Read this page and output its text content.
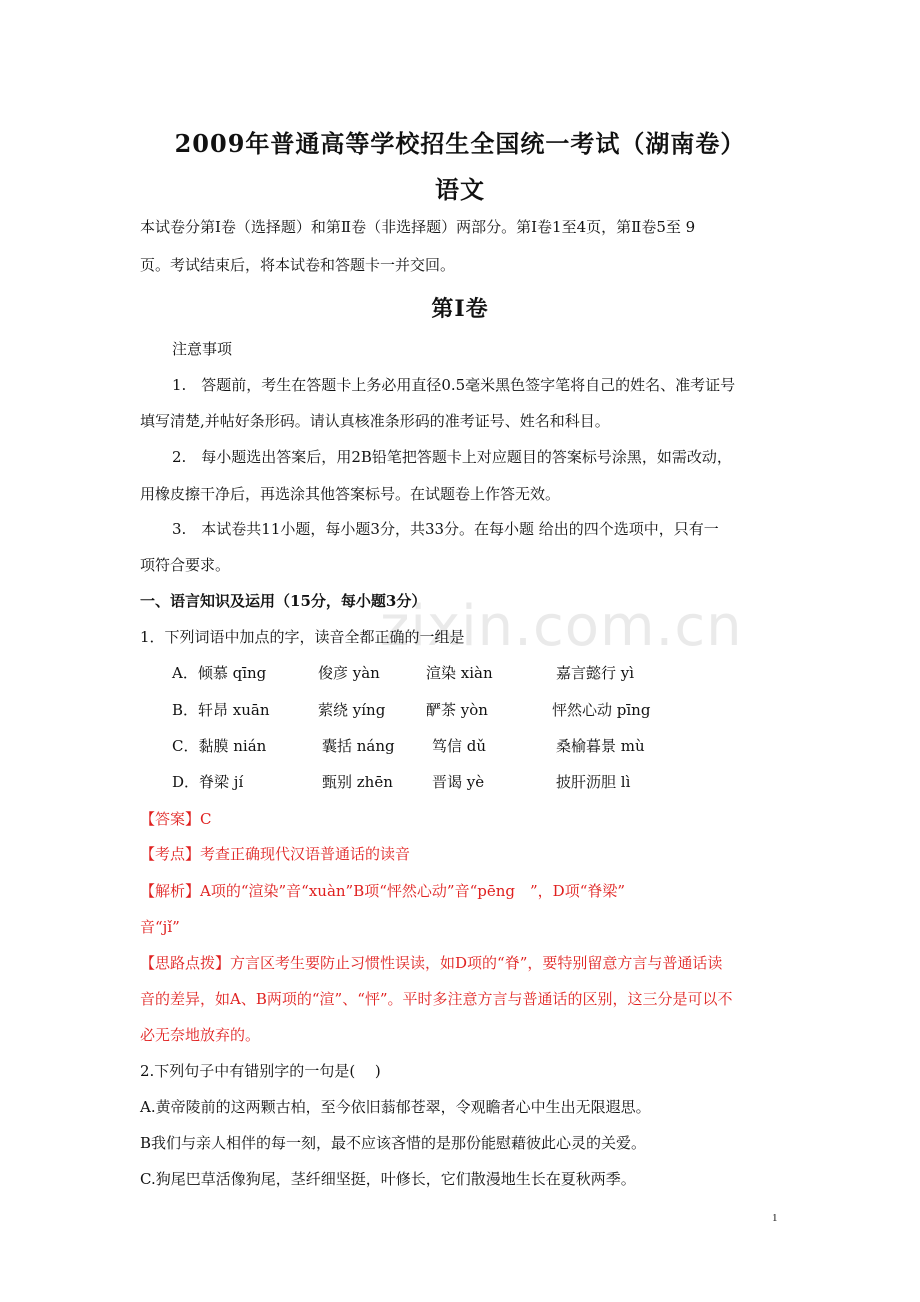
2009年普通高等学校招生全国统一考试（湖南卷）
语文
本试卷分第Ⅰ卷（选择题）和第Ⅱ卷（非选择题）两部分。第Ⅰ卷1至4页，第Ⅱ卷5至 9
页。考试结束后，将本试卷和答题卡一并交回。
第Ⅰ卷
注意事项
1.　答题前，考生在答题卡上务必用直径0.5毫米黑色签字笔将自己的姓名、准考证号
填写清楚,并帖好条形码。请认真核准条形码的准考证号、姓名和科目。
2.　每小题选出答案后，用2B铅笔把答题卡上对应题目的答案标号涂黑，如需改动，
用橡皮擦干净后，再选涂其他答案标号。在试题卷上作答无效。
3.　本试卷共11小题，每小题3分，共33分。在每小题 给出的四个选项中，只有一
项符合要求。
一、语言知识及运用（15分，每小题3分）
zixin.com.cn
1．下列词语中加点的字，读音全都正确的一组是
A．倾慕 qīng	俊彦 yàn	渲染 xiàn	嘉言懿行 yì
B．轩昂 xuān	萦绕 yíng	酽茶 yòn	怦然心动 pīng
C．黏膜 nián	囊括 náng 笃信 dǔ	桑榆暮景 mù
D．脊梁 jí	甄别 zhēn	晋谒 yè	披肝沥胆 lì
【答案】C
【考点】考查正确现代汉语普通话的读音
【解析】A项的“渲染”音“xuàn”B项“怦然心动”音“pēng　”，D项“脊梁”
音“jǐ”
【思路点拨】方言区考生要防止习惯性误读，如D项的“脊”，要特别留意方言与普通话读
音的差异，如A、B两项的“渲”、“怦”。平时多注意方言与普通话的区别，这三分是可以不
必无奈地放弃的。
2.下列句子中有错别字的一句是(　 )
A.黄帝陵前的这两颗古柏，至今依旧蓊郁苍翠，令观瞻者心中生出无限遐思。
B我们与亲人相伴的每一刻，最不应该吝惜的是那份能慰藉彼此心灵的关爱。
C.狗尾巴草活像狗尾，茎纤细坚挺，叶修长，它们散漫地生长在夏秋两季。
1
